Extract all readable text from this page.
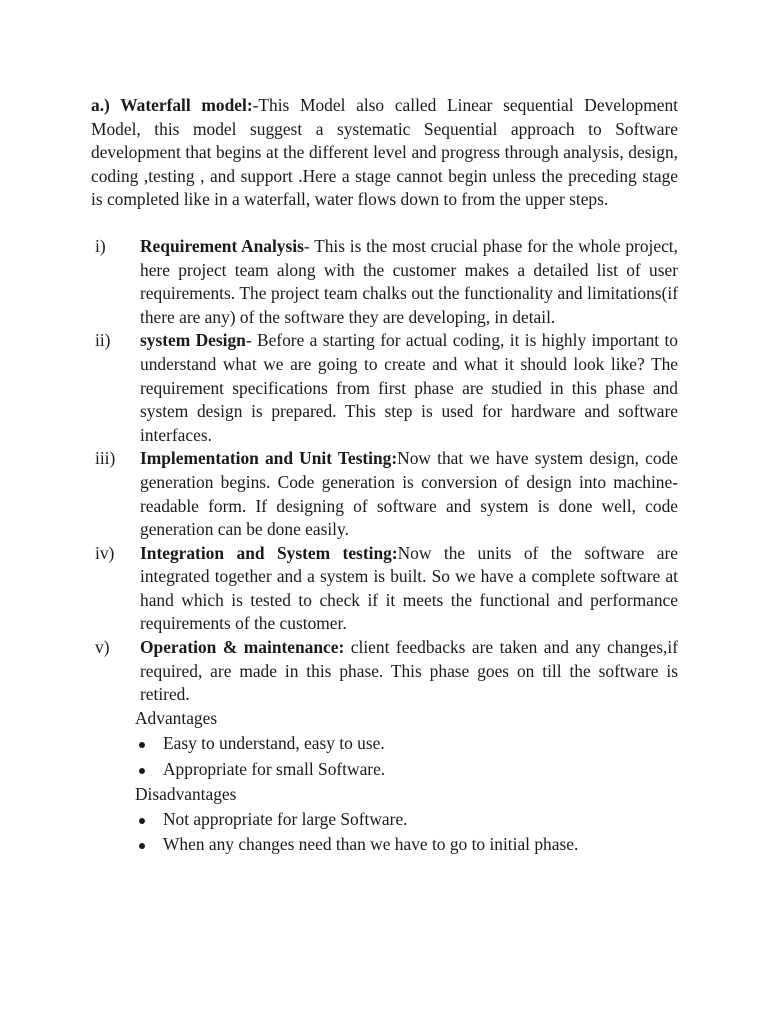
a.) Waterfall model:-This Model also called Linear sequential Development Model, this model suggest a systematic Sequential approach to Software development that begins at the different level and progress through analysis, design, coding ,testing , and support .Here a stage cannot begin unless the preceding stage is completed like in a waterfall, water flows down to from the upper steps.

i) Requirement Analysis- This is the most crucial phase for the whole project, here project team along with the customer makes a detailed list of user requirements. The project team chalks out the functionality and limitations(if there are any) of the software they are developing, in detail.
ii) system Design- Before a starting for actual coding, it is highly important to understand what we are going to create and what it should look like? The requirement specifications from first phase are studied in this phase and system design is prepared. This step is used for hardware and software interfaces.
iii) Implementation and Unit Testing:Now that we have system design, code generation begins. Code generation is conversion of design into machine-readable form. If designing of software and system is done well, code generation can be done easily.
iv) Integration and System testing:Now the units of the software are integrated together and a system is built. So we have a complete software at hand which is tested to check if it meets the functional and performance requirements of the customer.
v) Operation & maintenance: client feedbacks are taken and any changes,if required, are made in this phase. This phase goes on till the software is retired.
Advantages
Easy to understand, easy to use.
Appropriate for small Software.
Disadvantages
Not appropriate for large Software.
When any changes need than we have to go to initial phase.
